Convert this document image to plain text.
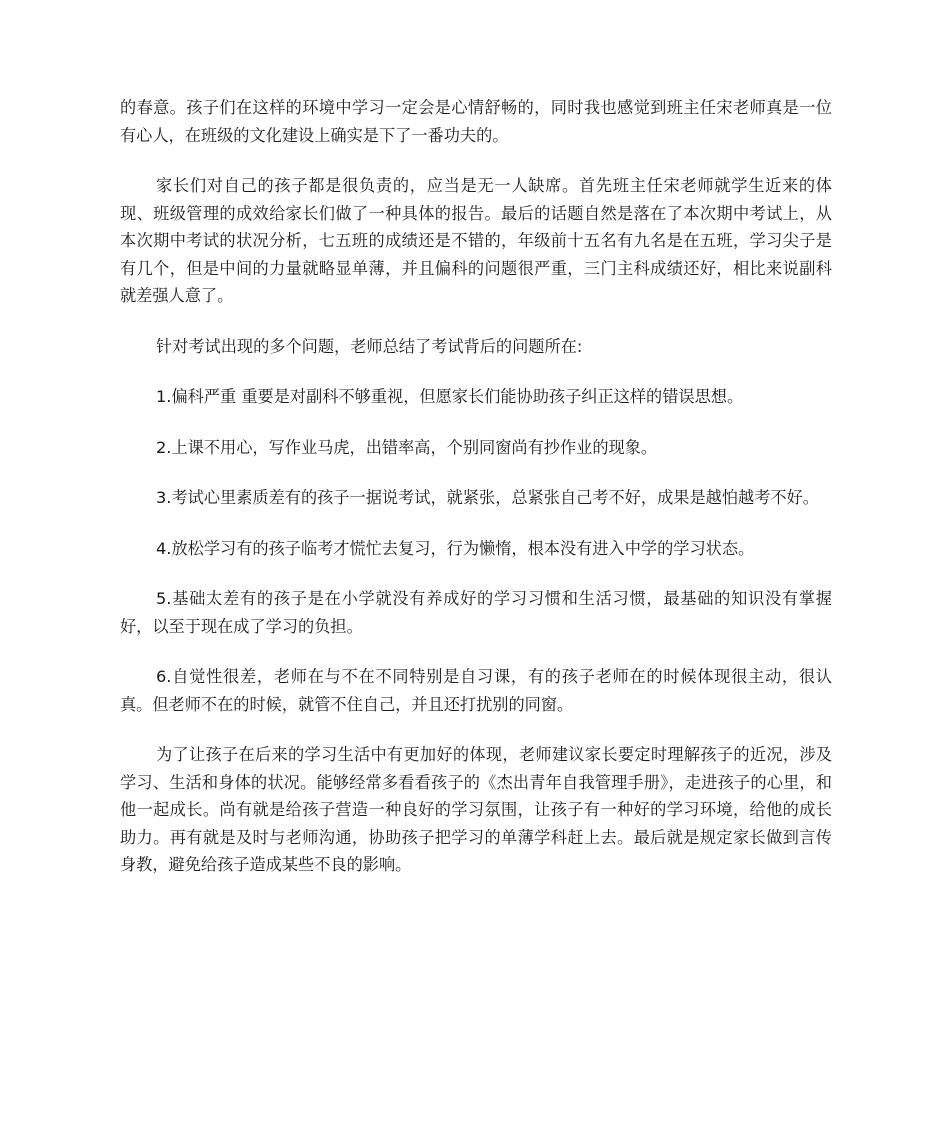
的春意。孩子们在这样的环境中学习一定会是心情舒畅的，同时我也感觉到班主任宋老师真是一位有心人，在班级的文化建设上确实是下了一番功夫的。

家长们对自己的孩子都是很负责的，应当是无一人缺席。首先班主任宋老师就学生近来的体现、班级管理的成效给家长们做了一种具体的报告。最后的话题自然是落在了本次期中考试上，从本次期中考试的状况分析，七五班的成绩还是不错的，年级前十五名有九名是在五班，学习尖子是有几个，但是中间的力量就略显单薄，并且偏科的问题很严重，三门主科成绩还好，相比来说副科就差强人意了。

针对考试出现的多个问题，老师总结了考试背后的问题所在:

1.偏科严重 重要是对副科不够重视，但愿家长们能协助孩子纠正这样的错误思想。

2.上课不用心，写作业马虎，出错率高，个别同窗尚有抄作业的现象。

3.考试心里素质差有的孩子一据说考试，就紧张，总紧张自己考不好，成果是越怕越考不好。

4.放松学习有的孩子临考才慌忙去复习，行为懒惰，根本没有进入中学的学习状态。

5.基础太差有的孩子是在小学就没有养成好的学习习惯和生活习惯，最基础的知识没有掌握好，以至于现在成了学习的负担。

6.自觉性很差，老师在与不在不同特别是自习课，有的孩子老师在的时候体现很主动，很认真。但老师不在的时候，就管不住自己，并且还打扰别的同窗。

为了让孩子在后来的学习生活中有更加好的体现，老师建议家长要定时理解孩子的近况，涉及学习、生活和身体的状况。能够经常多看看孩子的《杰出青年自我管理手册》，走进孩子的心里，和他一起成长。尚有就是给孩子营造一种良好的学习氛围，让孩子有一种好的学习环境，给他的成长助力。再有就是及时与老师沟通，协助孩子把学习的单薄学科赶上去。最后就是规定家长做到言传身教，避免给孩子造成某些不良的影响。
